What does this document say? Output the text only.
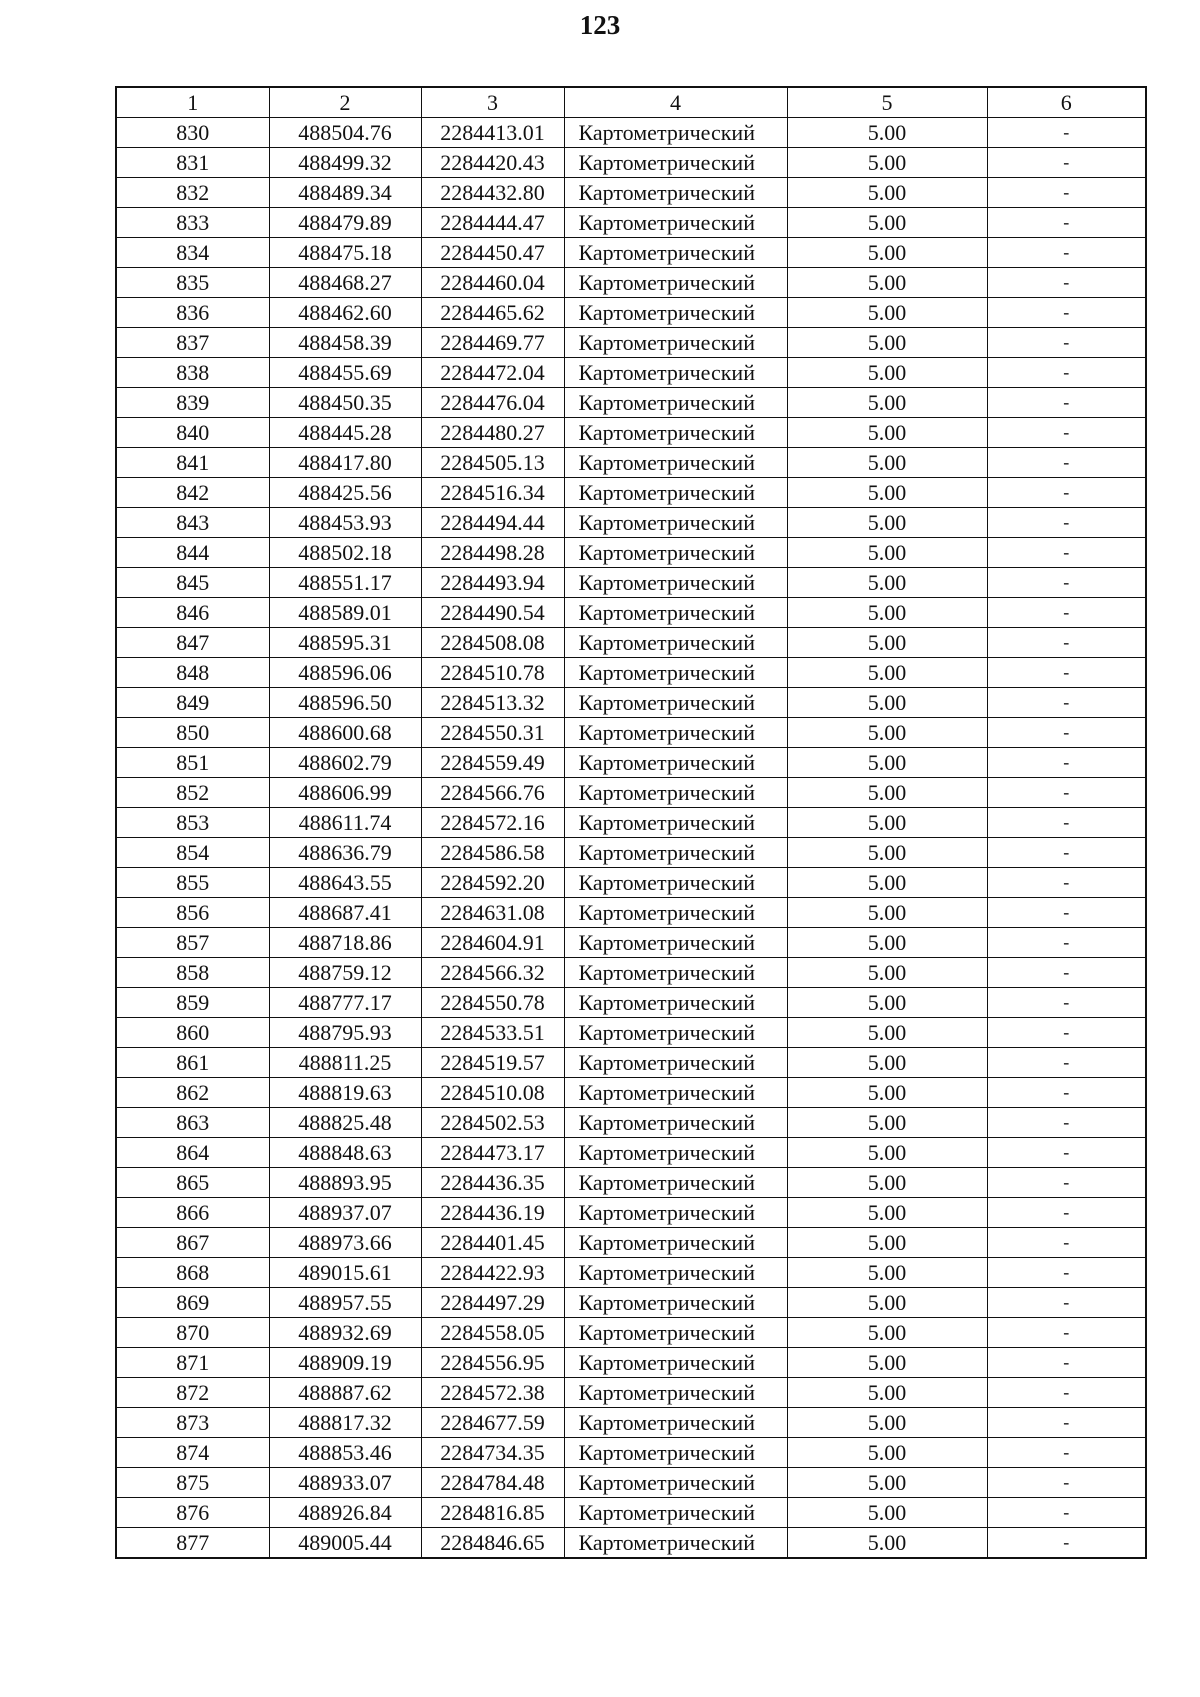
123
1	2	3	4	5	6
830	488504.76	2284413.01	Картометрический	5.00	-
831	488499.32	2284420.43	Картометрический	5.00	-
832	488489.34	2284432.80	Картометрический	5.00	-
833	488479.89	2284444.47	Картометрический	5.00	-
834	488475.18	2284450.47	Картометрический	5.00	-
835	488468.27	2284460.04	Картометрический	5.00	-
836	488462.60	2284465.62	Картометрический	5.00	-
837	488458.39	2284469.77	Картометрический	5.00	-
838	488455.69	2284472.04	Картометрический	5.00	-
839	488450.35	2284476.04	Картометрический	5.00	-
840	488445.28	2284480.27	Картометрический	5.00	-
841	488417.80	2284505.13	Картометрический	5.00	-
842	488425.56	2284516.34	Картометрический	5.00	-
843	488453.93	2284494.44	Картометрический	5.00	-
844	488502.18	2284498.28	Картометрический	5.00	-
845	488551.17	2284493.94	Картометрический	5.00	-
846	488589.01	2284490.54	Картометрический	5.00	-
847	488595.31	2284508.08	Картометрический	5.00	-
848	488596.06	2284510.78	Картометрический	5.00	-
849	488596.50	2284513.32	Картометрический	5.00	-
850	488600.68	2284550.31	Картометрический	5.00	-
851	488602.79	2284559.49	Картометрический	5.00	-
852	488606.99	2284566.76	Картометрический	5.00	-
853	488611.74	2284572.16	Картометрический	5.00	-
854	488636.79	2284586.58	Картометрический	5.00	-
855	488643.55	2284592.20	Картометрический	5.00	-
856	488687.41	2284631.08	Картометрический	5.00	-
857	488718.86	2284604.91	Картометрический	5.00	-
858	488759.12	2284566.32	Картометрический	5.00	-
859	488777.17	2284550.78	Картометрический	5.00	-
860	488795.93	2284533.51	Картометрический	5.00	-
861	488811.25	2284519.57	Картометрический	5.00	-
862	488819.63	2284510.08	Картометрический	5.00	-
863	488825.48	2284502.53	Картометрический	5.00	-
864	488848.63	2284473.17	Картометрический	5.00	-
865	488893.95	2284436.35	Картометрический	5.00	-
866	488937.07	2284436.19	Картометрический	5.00	-
867	488973.66	2284401.45	Картометрический	5.00	-
868	489015.61	2284422.93	Картометрический	5.00	-
869	488957.55	2284497.29	Картометрический	5.00	-
870	488932.69	2284558.05	Картометрический	5.00	-
871	488909.19	2284556.95	Картометрический	5.00	-
872	488887.62	2284572.38	Картометрический	5.00	-
873	488817.32	2284677.59	Картометрический	5.00	-
874	488853.46	2284734.35	Картометрический	5.00	-
875	488933.07	2284784.48	Картометрический	5.00	-
876	488926.84	2284816.85	Картометрический	5.00	-
877	489005.44	2284846.65	Картометрический	5.00	-
